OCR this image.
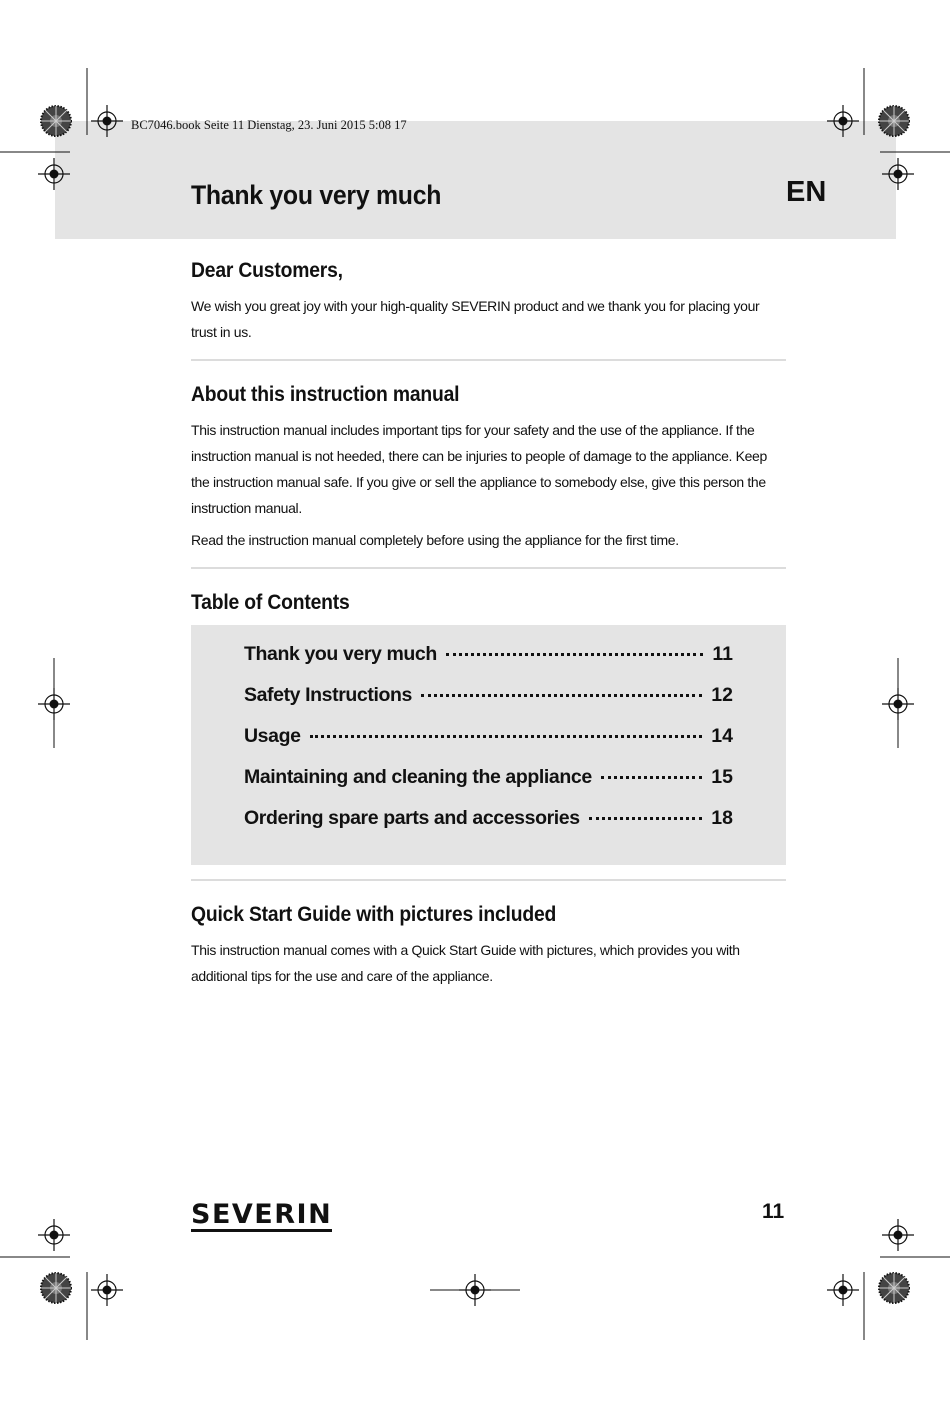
BC7046.book Seite 11 Dienstag, 23. Juni 2015 5:08 17
Thank you very much	EN
Dear Customers,

We wish you great joy with your high-quality SEVERIN product and we thank you for placing your trust in us.

About this instruction manual

This instruction manual includes important tips for your safety and the use of the appliance. If the instruction manual is not heeded, there can be injuries to people of damage to the appliance. Keep the instruction manual safe. If you give or sell the appliance to somebody else, give this person the instruction manual.

Read the instruction manual completely before using the appliance for the first time.

Table of Contents
Thank you very much	11
Safety Instructions	12
Usage	14
Maintaining and cleaning the appliance	15
Ordering spare parts and accessories	18
Quick Start Guide with pictures included

This instruction manual comes with a Quick Start Guide with pictures, which provides you with additional tips for the use and care of the appliance.

SEVERIN	11
